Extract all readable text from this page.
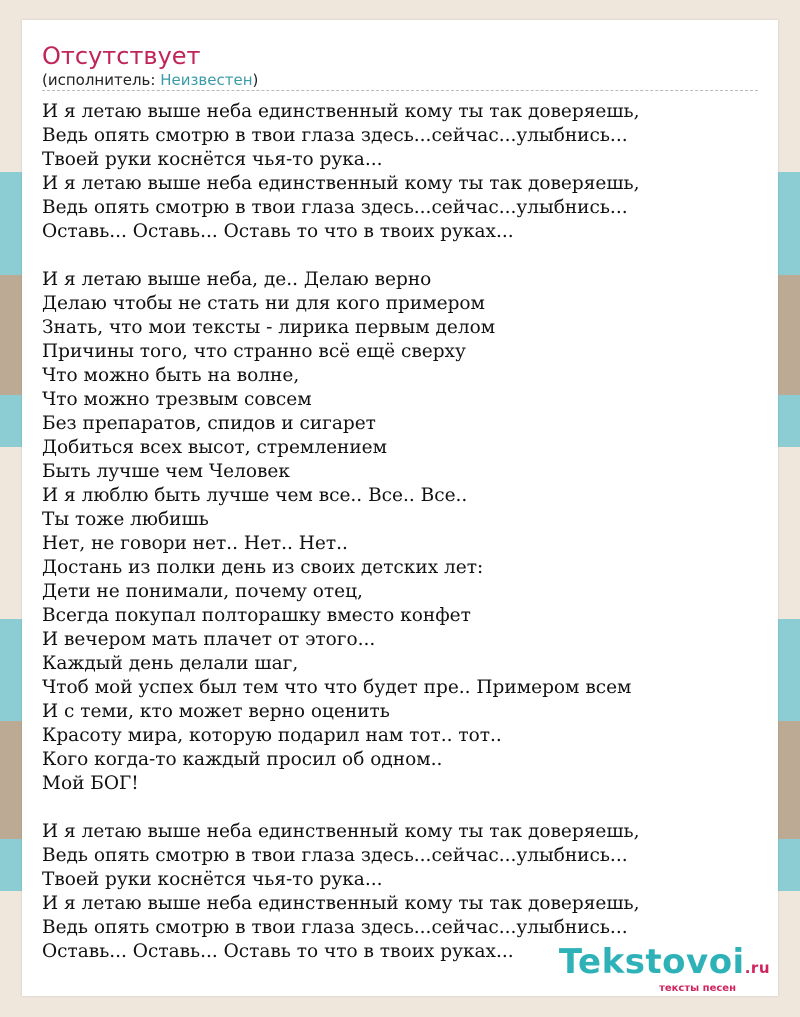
Отсутствует
(исполнитель: Неизвестен)
И я летаю выше неба единственный кому ты так доверяешь,
Ведь опять смотрю в твои глаза здесь...сейчас...улыбнись...
Твоей руки коснётся чья-то рука...
И я летаю выше неба единственный кому ты так доверяешь,
Ведь опять смотрю в твои глаза здесь...сейчас...улыбнись...
Оставь... Оставь... Оставь то что в твоих руках...
И я летаю выше неба, де.. Делаю верно
Делаю чтобы не стать ни для кого примером
Знать, что мои тексты - лирика первым делом
Причины того, что странно всё ещё сверху
Что можно быть на волне,
Что можно трезвым совсем
Без препаратов, спидов и сигарет
Добиться всех высот, стремлением
Быть лучше чем Человек
И я люблю быть лучше чем все.. Все.. Все..
Ты тоже любишь
Нет, не говори нет.. Нет.. Нет..
Достань из полки день из своих детских лет:
Дети не понимали, почему отец,
Всегда покупал полторашку вместо конфет
И вечером мать плачет от этого...
Каждый день делали шаг,
Чтоб мой успех был тем что что будет пре.. Примером всем
И с теми, кто может верно оценить
Красоту мира, которую подарил нам тот.. тот..
Кого когда-то каждый просил об одном..
Мой БОГ!
И я летаю выше неба единственный кому ты так доверяешь,
Ведь опять смотрю в твои глаза здесь...сейчас...улыбнись...
Твоей руки коснётся чья-то рука...
И я летаю выше неба единственный кому ты так доверяешь,
Ведь опять смотрю в твои глаза здесь...сейчас...улыбнись...
Оставь... Оставь... Оставь то что в твоих руках...	Tekstovoi.ru
тексты песен
